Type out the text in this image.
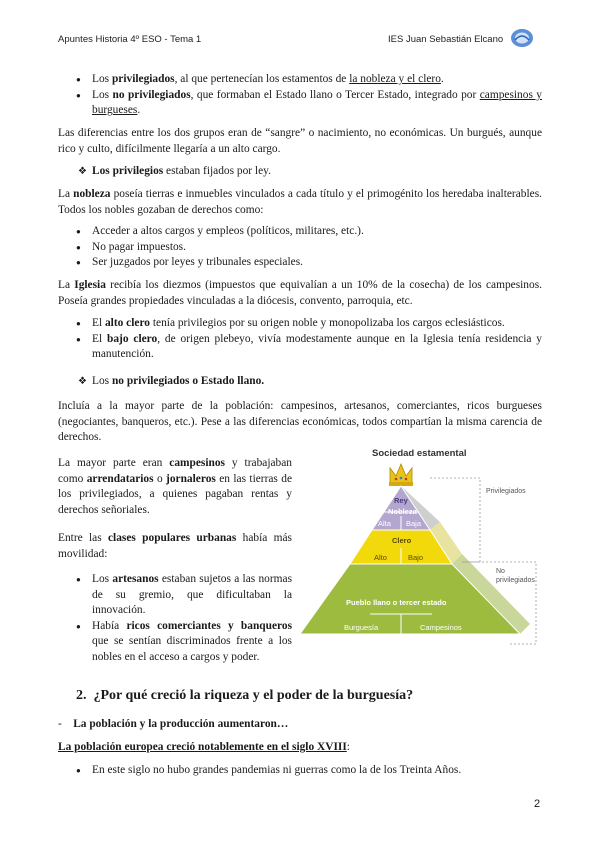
Apuntes Historia 4º ESO - Tema 1	IES Juan Sebastián Elcano
● Los privilegiados, al que pertenecían los estamentos de la nobleza y el clero.
● Los no privilegiados, que formaban el Estado llano o Tercer Estado, integrado por campesinos y burgueses.

Las diferencias entre los dos grupos eran de “sangre” o nacimiento, no económicas. Un burgués, aunque rico y culto, difícilmente llegaría a un alto cargo.

❖ Los privilegios estaban fijados por ley.

La nobleza poseía tierras e inmuebles vinculados a cada título y el primogénito los heredaba inalterables. Todos los nobles gozaban de derechos como:

● Acceder a altos cargos y empleos (políticos, militares, etc.).
● No pagar impuestos.
● Ser juzgados por leyes y tribunales especiales.

La Iglesia recibía los diezmos (impuestos que equivalían a un 10% de la cosecha) de los campesinos. Poseía grandes propiedades vinculadas a la diócesis, convento, parroquia, etc.

● El alto clero tenía privilegios por su origen noble y monopolizaba los cargos eclesiásticos.
● El bajo clero, de origen plebeyo, vivía modestamente aunque en la Iglesia tenía residencia y manutención.
❖ Los no privilegiados o Estado llano.

Incluía a la mayor parte de la población: campesinos, artesanos, comerciantes, ricos burgueses (negociantes, banqueros, etc.). Pese a las diferencias económicas, todos compartían la misma carencia de derechos.

La mayor parte eran campesinos y trabajaban como arrendatarios o jornaleros en las tierras de los privilegiados, a quienes pagaban rentas y derechos señoriales.

Entre las clases populares urbanas había más movilidad:

● Los artesanos estaban sujetos a las normas de su gremio, que dificultaban la innovación.
● Había ricos comerciantes y banqueros que se sentían discriminados frente a los nobles en el acceso a cargos y poder.
Sociedad estamental
Rey
Nobleza
Alta Baja
Clero
Alto	Bajo
Pueblo llano o tercer estado
Burguesía	Campesinos
Privilegiados
No
privilegiados
2. ¿Por qué creció la riqueza y el poder de la burguesía?
- La población y la producción aumentaron…
La población europea creció notablemente en el siglo XVIII:
● En este siglo no hubo grandes pandemias ni guerras como la de los Treinta Años.
2
